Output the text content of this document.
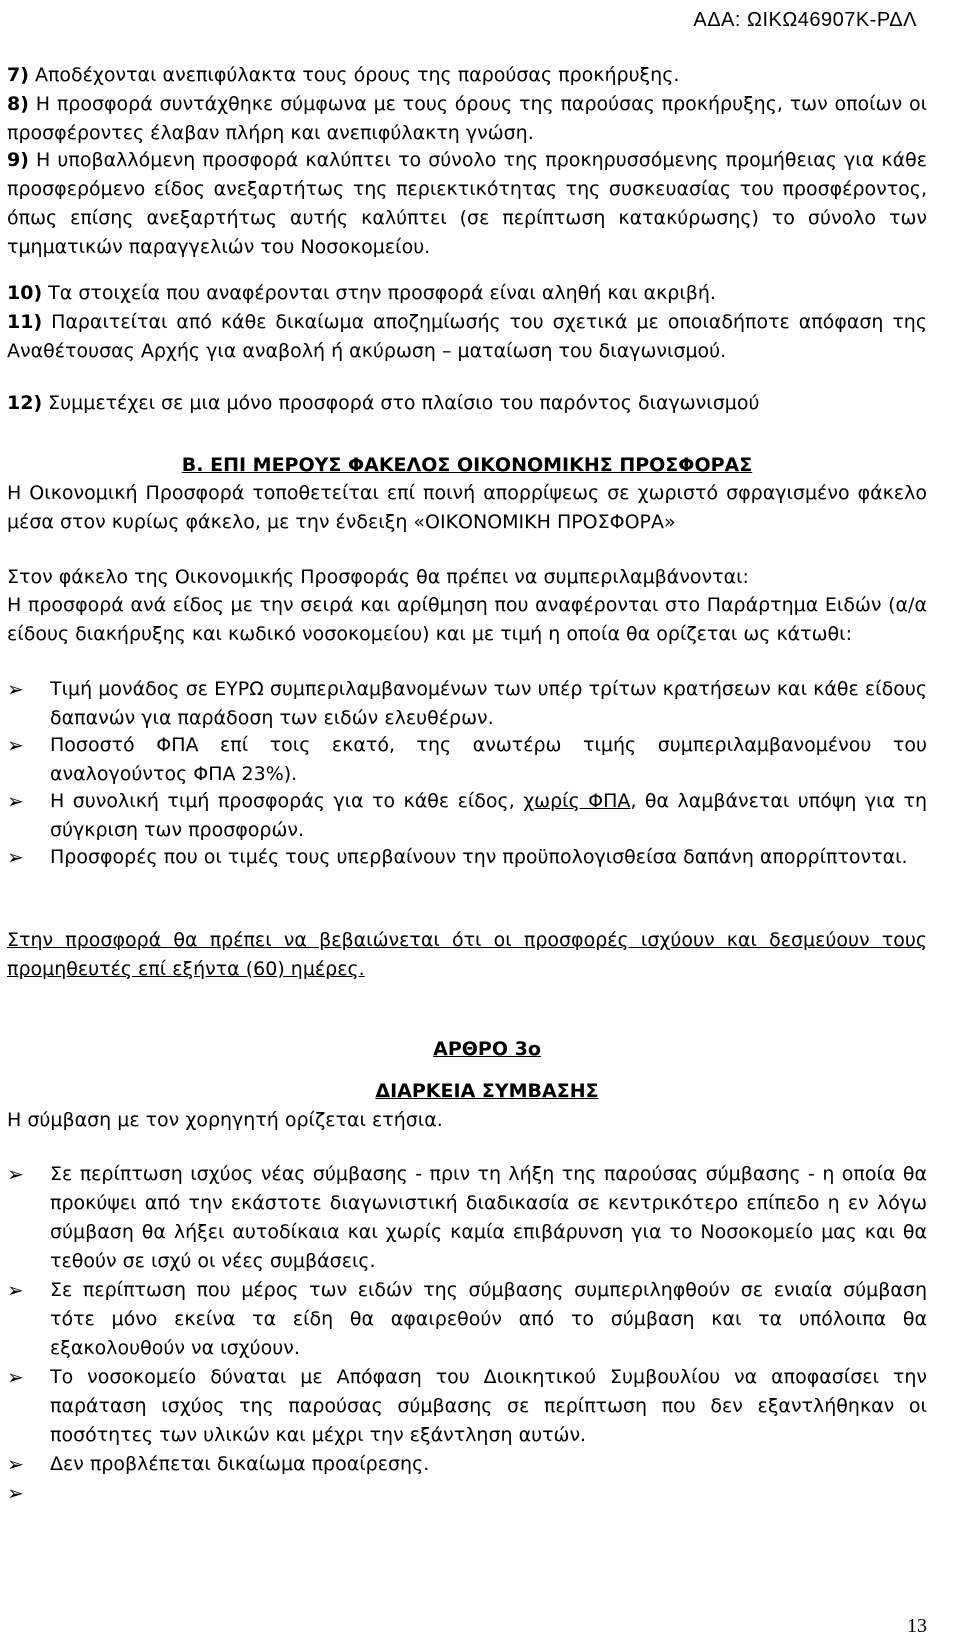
ΑΔΑ: ΩΙΚΩ46907Κ-ΡΔΛ
7) Αποδέχονται ανεπιφύλακτα τους όρους της παρούσας προκήρυξης.
8) Η προσφορά συντάχθηκε σύμφωνα με τους όρους της παρούσας προκήρυξης, των οποίων οι προσφέροντες έλαβαν πλήρη και ανεπιφύλακτη γνώση.
9) Η υποβαλλόμενη προσφορά καλύπτει το σύνολο της προκηρυσσόμενης προμήθειας για κάθε προσφερόμενο είδος ανεξαρτήτως της περιεκτικότητας της συσκευασίας του προσφέροντος, όπως επίσης ανεξαρτήτως αυτής καλύπτει (σε περίπτωση κατακύρωσης) το σύνολο των τμηματικών παραγγελιών του Νοσοκομείου.
10) Τα στοιχεία που αναφέρονται στην προσφορά είναι αληθή και ακριβή.
11) Παραιτείται από κάθε δικαίωμα αποζημίωσής του σχετικά με οποιαδήποτε απόφαση της Αναθέτουσας Αρχής για αναβολή ή ακύρωση – ματαίωση του διαγωνισμού.
12) Συμμετέχει σε μια μόνο προσφορά στο πλαίσιο του παρόντος διαγωνισμού
Β. ΕΠΙ ΜΕΡΟΥΣ ΦΑΚΕΛΟΣ ΟΙΚΟΝΟΜΙΚΗΣ ΠΡΟΣΦΟΡΑΣ
Η Οικονομική Προσφορά τοποθετείται επί ποινή απορρίψεως σε χωριστό σφραγισμένο φάκελο μέσα στον κυρίως φάκελο, με την ένδειξη «ΟΙΚΟΝΟΜΙΚΗ ΠΡΟΣΦΟΡΑ»
Στον φάκελο της Οικονομικής Προσφοράς θα πρέπει να συμπεριλαμβάνονται:
Η προσφορά ανά είδος με την σειρά και αρίθμηση που αναφέρονται στο Παράρτημα Ειδών (α/α είδους διακήρυξης και κωδικό νοσοκομείου) και με τιμή η οποία θα ορίζεται ως κάτωθι:
➢	Τιμή μονάδος σε ΕΥΡΩ συμπεριλαμβανομένων των υπέρ τρίτων κρατήσεων και κάθε είδους δαπανών για παράδοση των ειδών ελευθέρων.
➢	Ποσοστό ΦΠΑ επί τοις εκατό, της ανωτέρω τιμής συμπεριλαμβανομένου του αναλογούντος ΦΠΑ 23%).
➢	Η συνολική τιμή προσφοράς για το κάθε είδος, χωρίς ΦΠΑ, θα λαμβάνεται υπόψη για τη σύγκριση των προσφορών.
➢	Προσφορές που οι τιμές τους υπερβαίνουν την προϋπολογισθείσα δαπάνη απορρίπτονται.
Στην προσφορά θα πρέπει να βεβαιώνεται ότι οι προσφορές ισχύουν και δεσμεύουν τους προμηθευτές επί εξήντα (60) ημέρες.
ΑΡΘΡΟ 3ο
ΔΙΑΡΚΕΙΑ ΣΥΜΒΑΣΗΣ
Η σύμβαση με τον χορηγητή ορίζεται ετήσια.
➢	Σε περίπτωση ισχύος νέας σύμβασης - πριν τη λήξη της παρούσας σύμβασης - η οποία θα προκύψει από την εκάστοτε διαγωνιστική διαδικασία σε κεντρικότερο επίπεδο η εν λόγω σύμβαση θα λήξει αυτοδίκαια και χωρίς καμία επιβάρυνση για το Νοσοκομείο μας και θα τεθούν σε ισχύ οι νέες συμβάσεις.
➢	Σε περίπτωση που μέρος των ειδών της σύμβασης συμπεριληφθούν σε ενιαία σύμβαση τότε μόνο εκείνα τα είδη θα αφαιρεθούν από το σύμβαση και τα υπόλοιπα θα εξακολουθούν να ισχύουν.
➢	Το νοσοκομείο δύναται με Απόφαση του Διοικητικού Συμβουλίου να αποφασίσει την παράταση ισχύος της παρούσας σύμβασης σε περίπτωση που δεν εξαντλήθηκαν οι ποσότητες των υλικών και μέχρι την εξάντληση αυτών.
➢	Δεν προβλέπεται δικαίωμα προαίρεσης.
➢
13
